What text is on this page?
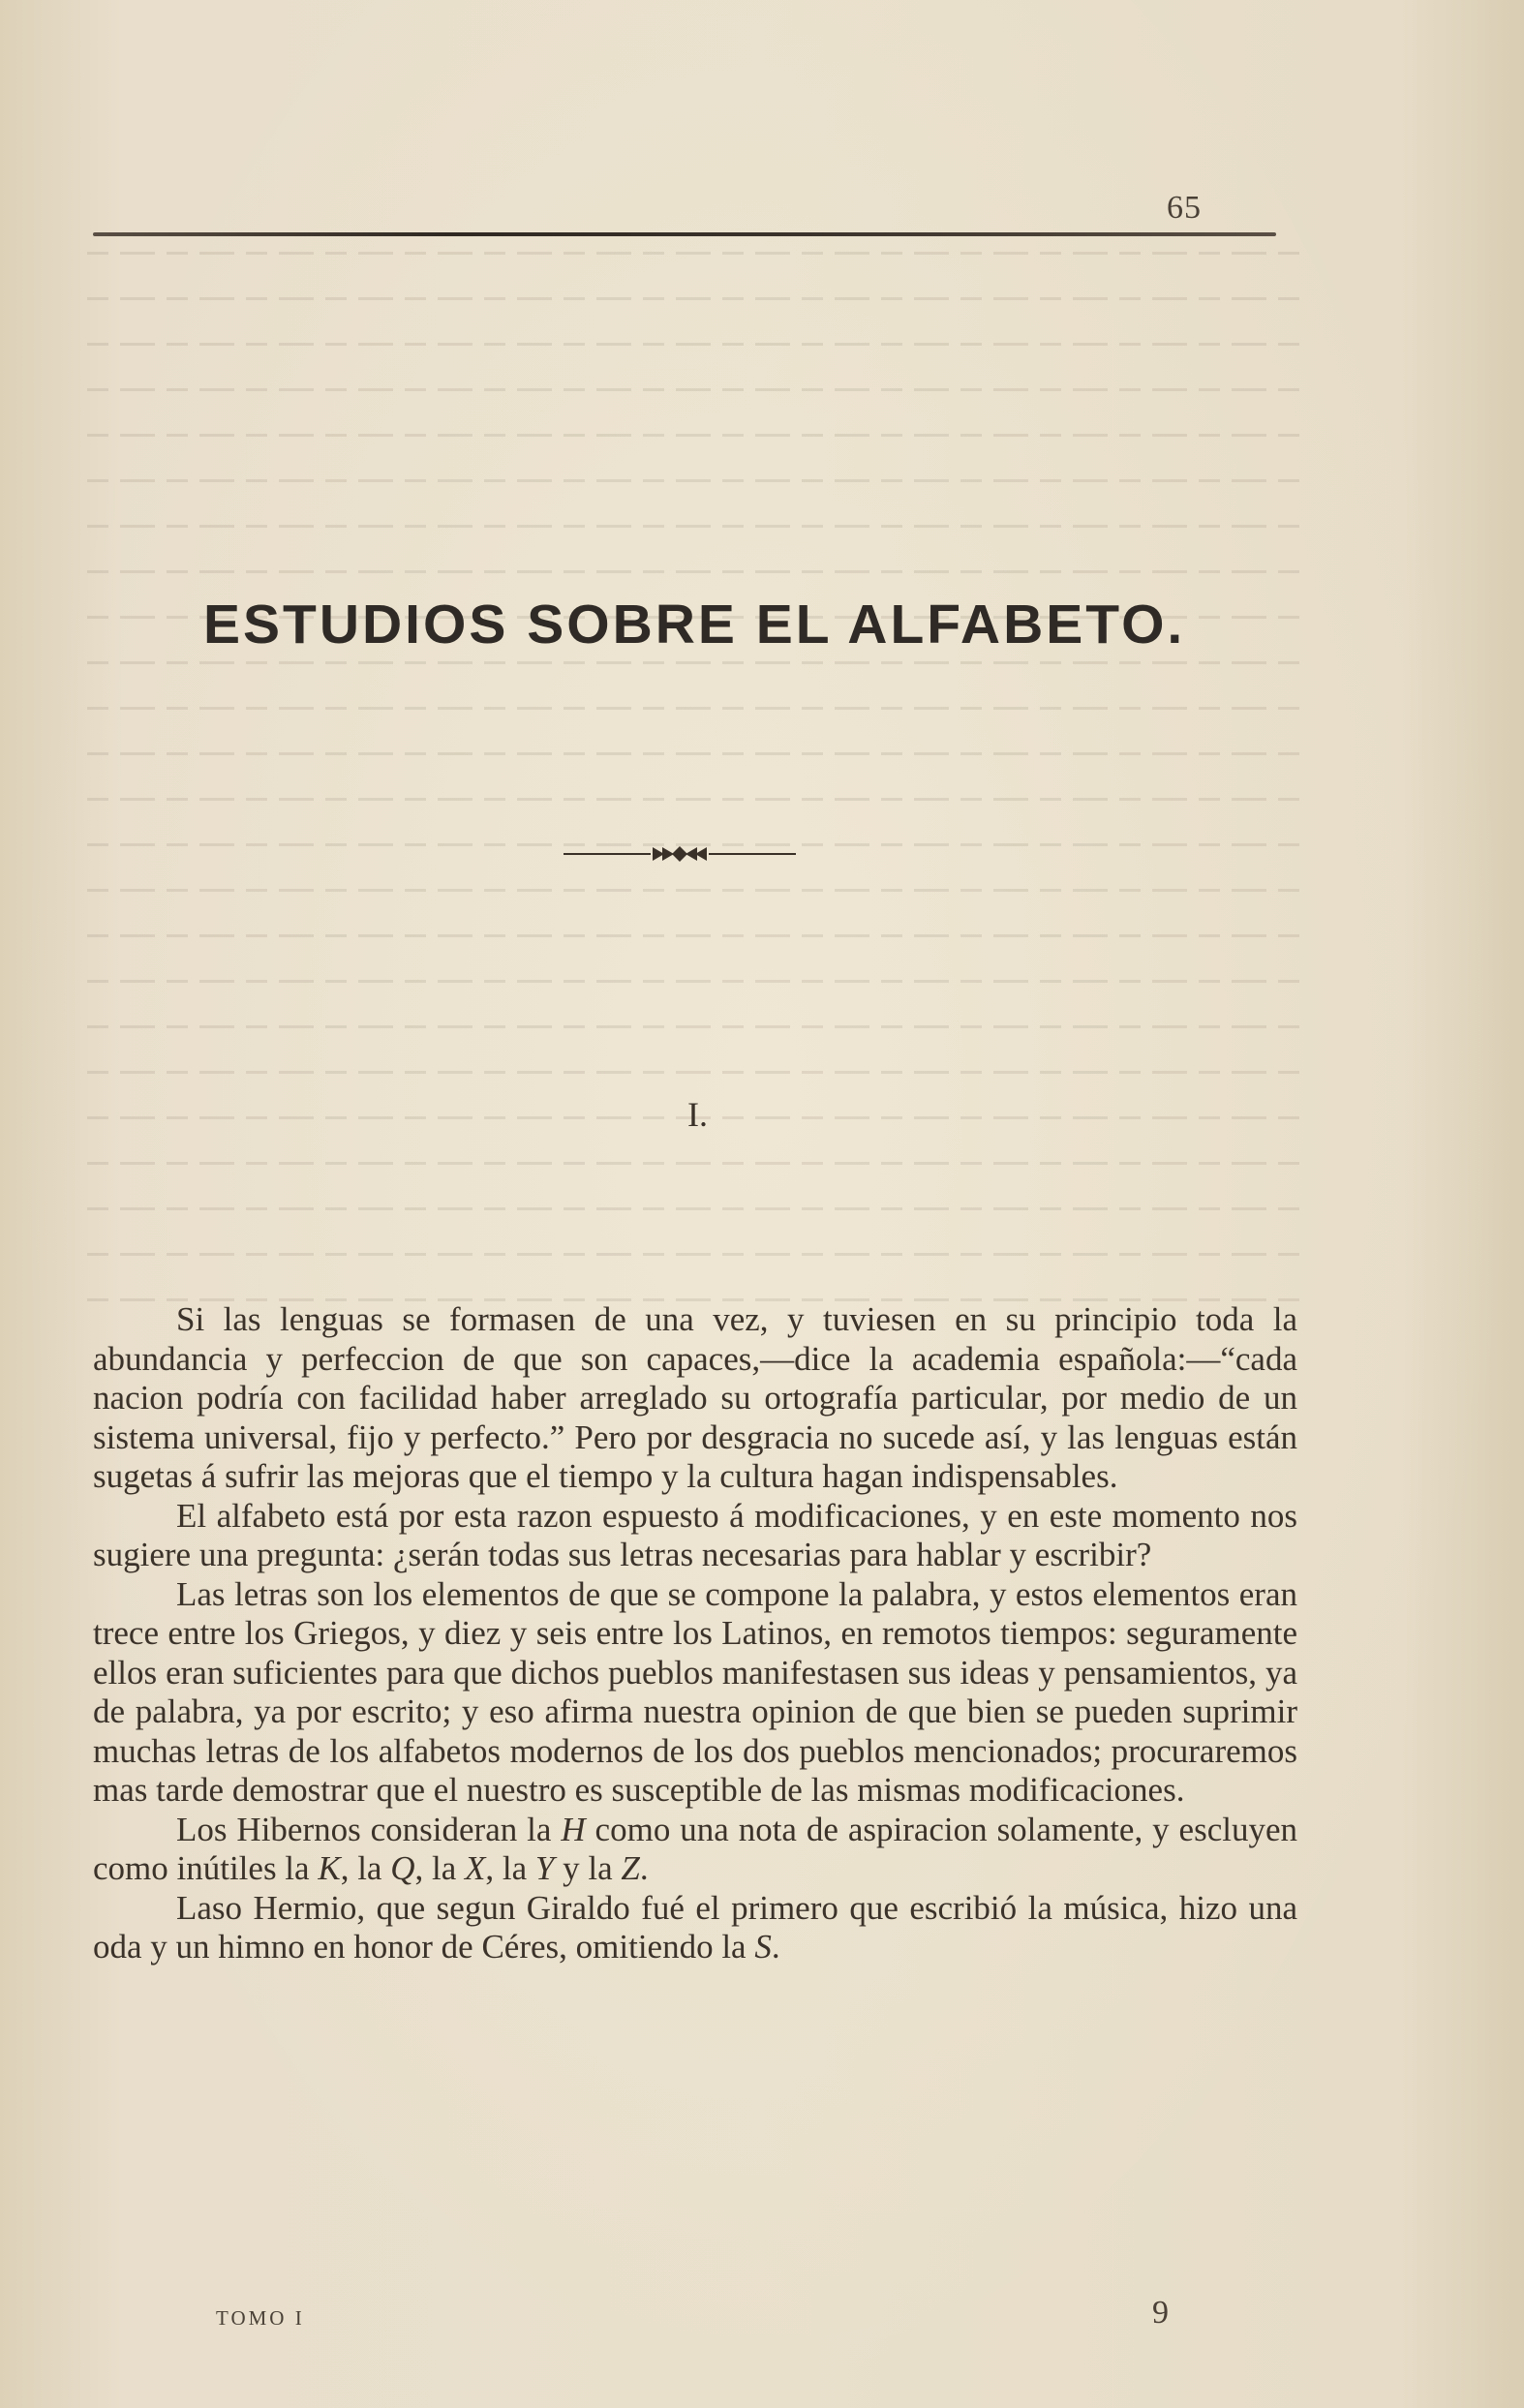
65
ESTUDIOS SOBRE EL ALFABETO.
I.

Si las lenguas se formasen de una vez, y tuviesen en su principio toda la abundancia y perfeccion de que son capaces,—dice la academia española:—“cada nacion podría con facilidad haber arreglado su ortografía particular, por medio de un sistema universal, fijo y perfecto.” Pero por desgracia no sucede así, y las lenguas están sugetas á sufrir las mejoras que el tiempo y la cultura hagan indispensables.

El alfabeto está por esta razon espuesto á modificaciones, y en este momento nos sugiere una pregunta: ¿serán todas sus letras necesarias para hablar y escribir?

Las letras son los elementos de que se compone la palabra, y estos elementos eran trece entre los Griegos, y diez y seis entre los Latinos, en remotos tiempos: seguramente ellos eran suficientes para que dichos pueblos manifestasen sus ideas y pensamientos, ya de palabra, ya por escrito; y eso afirma nuestra opinion de que bien se pueden suprimir muchas letras de los alfabetos modernos de los dos pueblos mencionados; procuraremos mas tarde demostrar que el nuestro es susceptible de las mismas modificaciones.

Los Hibernos consideran la H como una nota de aspiracion solamente, y escluyen como inútiles la K, la Q, la X, la Y y la Z.

Laso Hermio, que segun Giraldo fué el primero que escribió la música, hizo una oda y un himno en honor de Céres, omitiendo la S.

TOMO I	9
